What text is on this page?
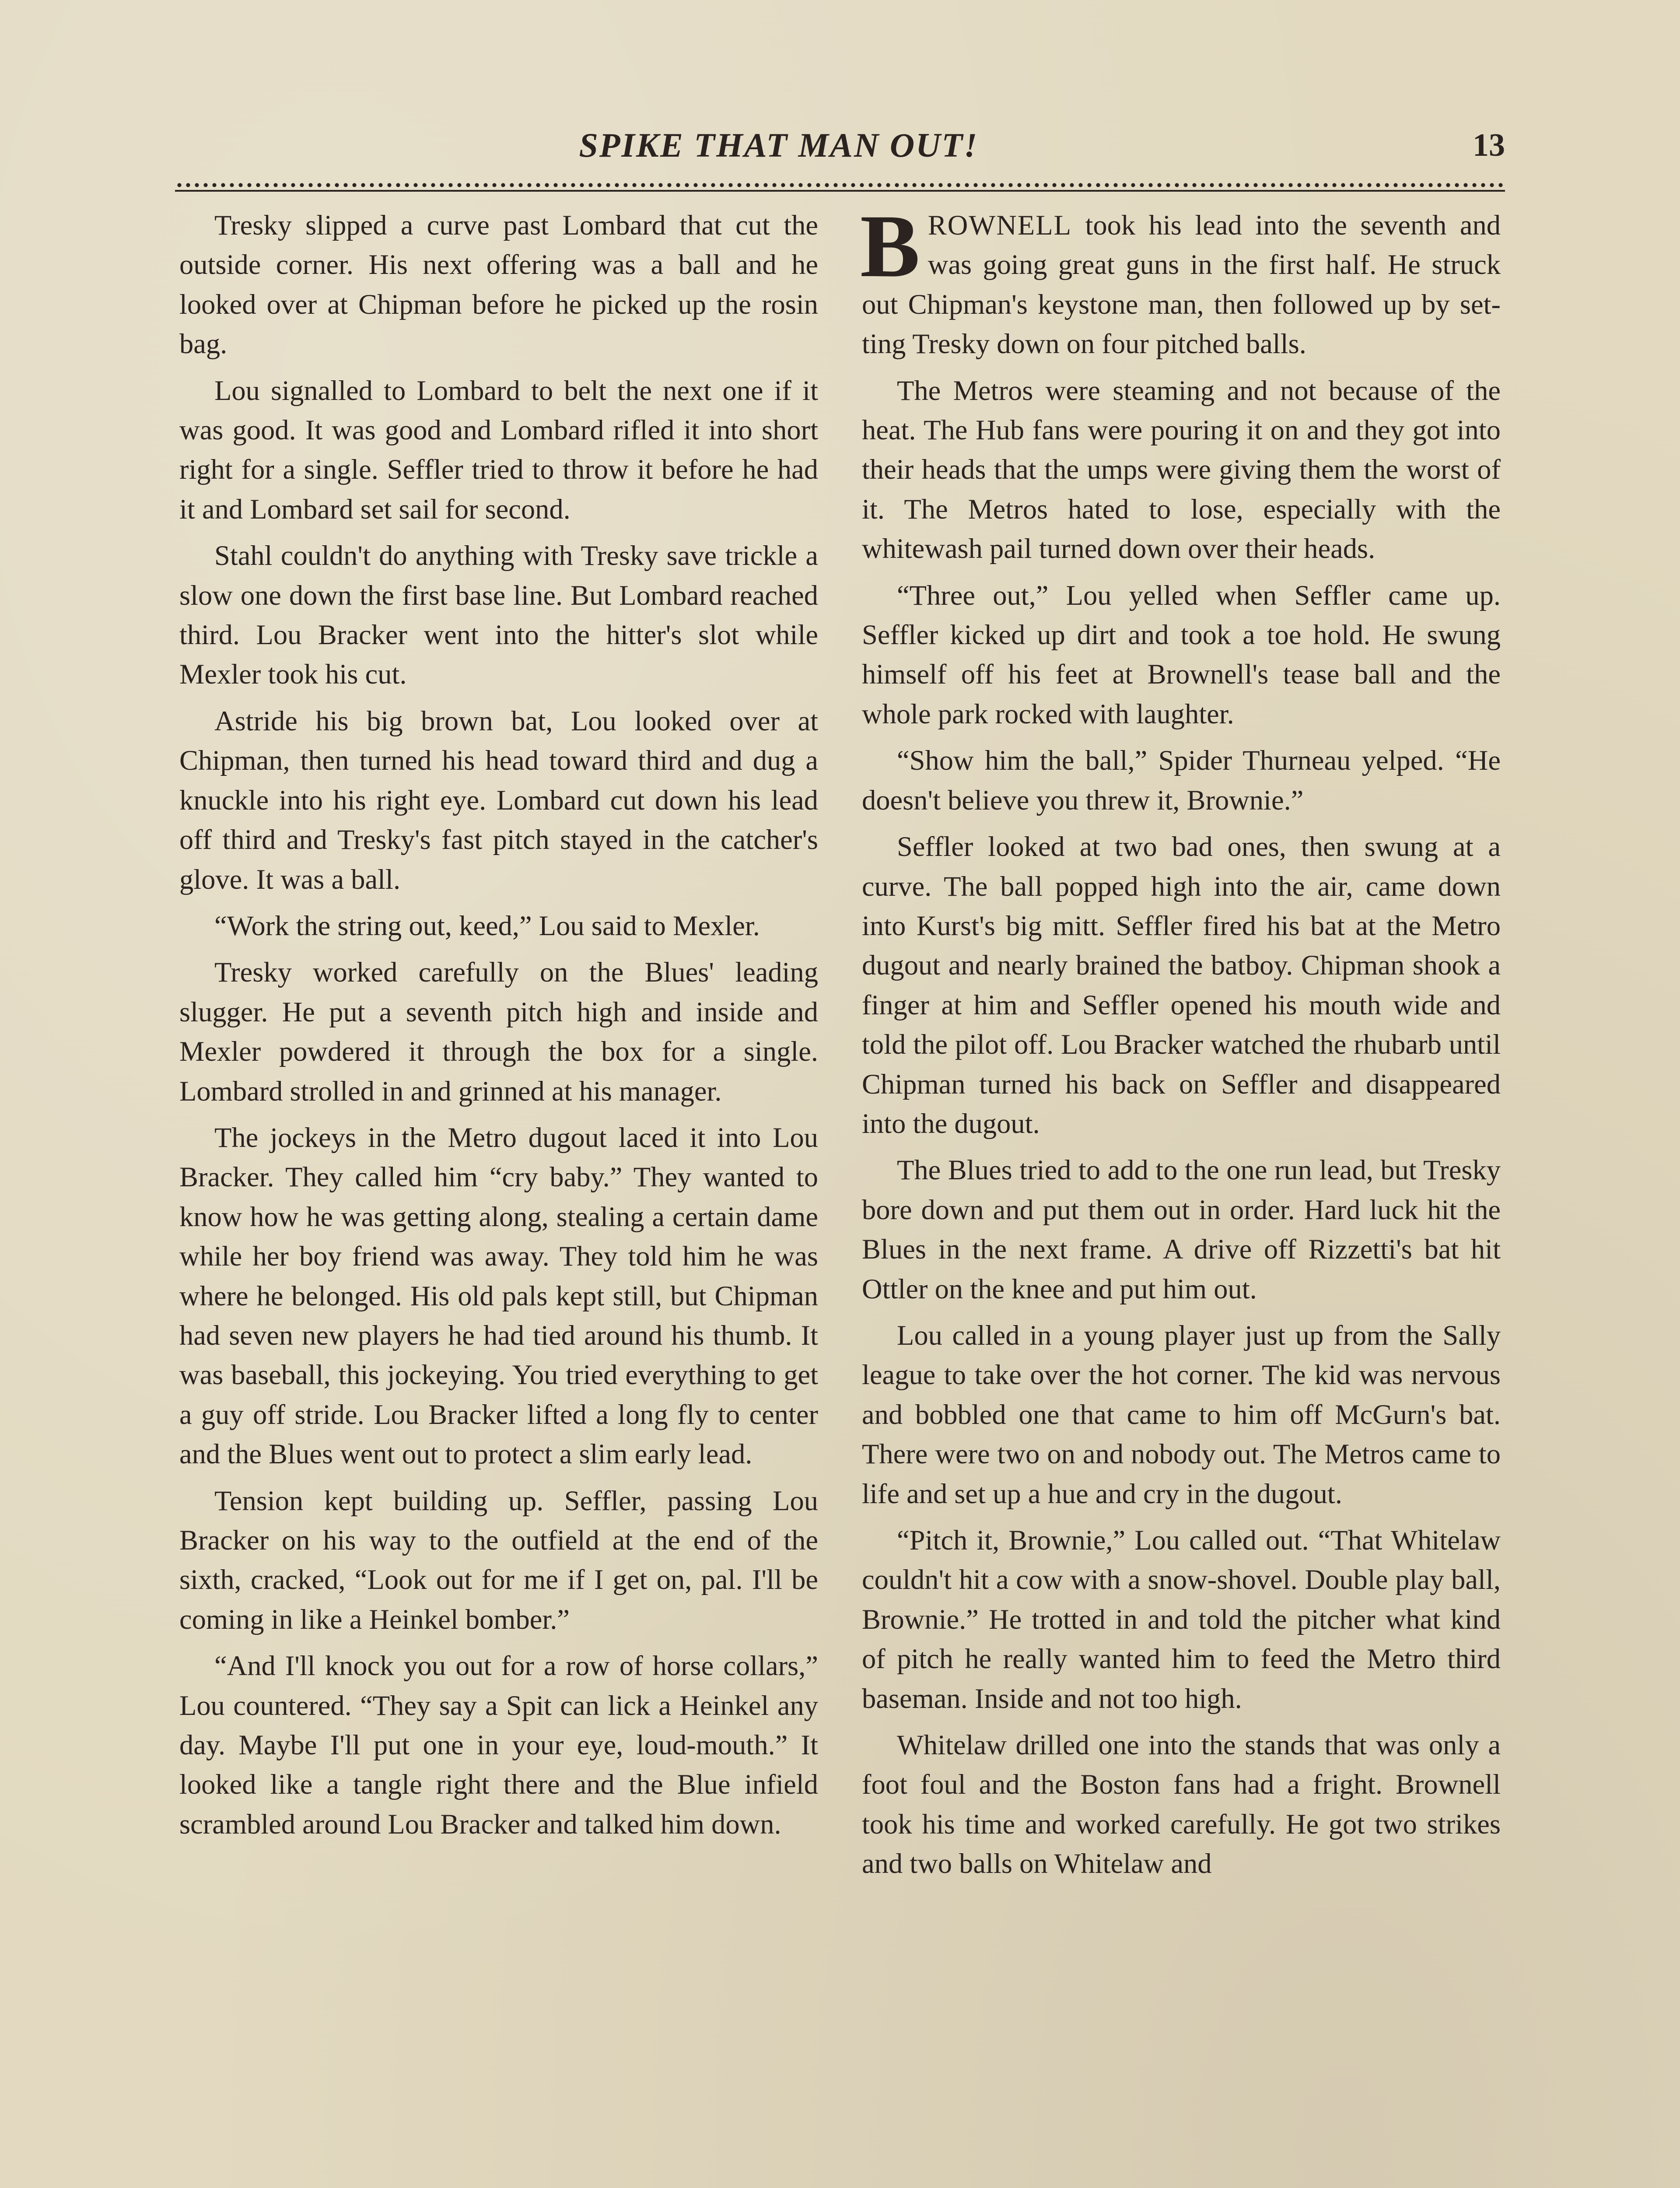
SPIKE THAT MAN OUT!	13

Tresky slipped a curve past Lombard that cut the outside corner. His next offering was a ball and he looked over at Chipman before he picked up the rosin bag.

Lou signalled to Lombard to belt the next one if it was good. It was good and Lombard rifled it into short right for a single. Seffler tried to throw it before he had it and Lombard set sail for second.

Stahl couldn't do anything with Tresky save trickle a slow one down the first base line. But Lombard reached third. Lou Bracker went into the hitter's slot while Mexler took his cut.

Astride his big brown bat, Lou looked over at Chipman, then turned his head toward third and dug a knuckle into his right eye. Lombard cut down his lead off third and Tresky's fast pitch stayed in the catcher's glove. It was a ball.

“Work the string out, keed,” Lou said to Mexler.

Tresky worked carefully on the Blues' leading slugger. He put a seventh pitch high and inside and Mexler powdered it through the box for a single. Lombard strolled in and grinned at his manager.

The jockeys in the Metro dugout laced it into Lou Bracker. They called him “cry baby.” They wanted to know how he was getting along, stealing a certain dame while her boy friend was away. They told him he was where he belonged. His old pals kept still, but Chipman had seven new players he had tied around his thumb. It was baseball, this jockeying. You tried everything to get a guy off stride. Lou Bracker lifted a long fly to center and the Blues went out to protect a slim early lead.

Tension kept building up. Seffler, passing Lou Bracker on his way to the outfield at the end of the sixth, cracked, “Look out for me if I get on, pal. I'll be coming in like a Heinkel bomber.”

“And I'll knock you out for a row of horse collars,” Lou countered. “They say a Spit can lick a Heinkel any day. Maybe I'll put one in your eye, loud-mouth.” It looked like a tangle right there and the Blue infield scrambled around Lou Bracker and talked him down.

BROWNELL took his lead into the seventh and was going great guns in the first half. He struck out Chipman's keystone man, then followed up by setting Tresky down on four pitched balls.

The Metros were steaming and not because of the heat. The Hub fans were pouring it on and they got into their heads that the umps were giving them the worst of it. The Metros hated to lose, especially with the whitewash pail turned down over their heads.

“Three out,” Lou yelled when Seffler came up. Seffler kicked up dirt and took a toe hold. He swung himself off his feet at Brownell's tease ball and the whole park rocked with laughter.

“Show him the ball,” Spider Thurneau yelped. “He doesn't believe you threw it, Brownie.”

Seffler looked at two bad ones, then swung at a curve. The ball popped high into the air, came down into Kurst's big mitt. Seffler fired his bat at the Metro dugout and nearly brained the batboy. Chipman shook a finger at him and Seffler opened his mouth wide and told the pilot off. Lou Bracker watched the rhubarb until Chipman turned his back on Seffler and disappeared into the dugout.

The Blues tried to add to the one run lead, but Tresky bore down and put them out in order. Hard luck hit the Blues in the next frame. A drive off Rizzetti's bat hit Ottler on the knee and put him out.

Lou called in a young player just up from the Sally league to take over the hot corner. The kid was nervous and bobbled one that came to him off McGurn's bat. There were two on and nobody out. The Metros came to life and set up a hue and cry in the dugout.

“Pitch it, Brownie,” Lou called out. “That Whitelaw couldn't hit a cow with a snow-shovel. Double play ball, Brownie.” He trotted in and told the pitcher what kind of pitch he really wanted him to feed the Metro third baseman. Inside and not too high.

Whitelaw drilled one into the stands that was only a foot foul and the Boston fans had a fright. Brownell took his time and worked carefully. He got two strikes and two balls on Whitelaw and
